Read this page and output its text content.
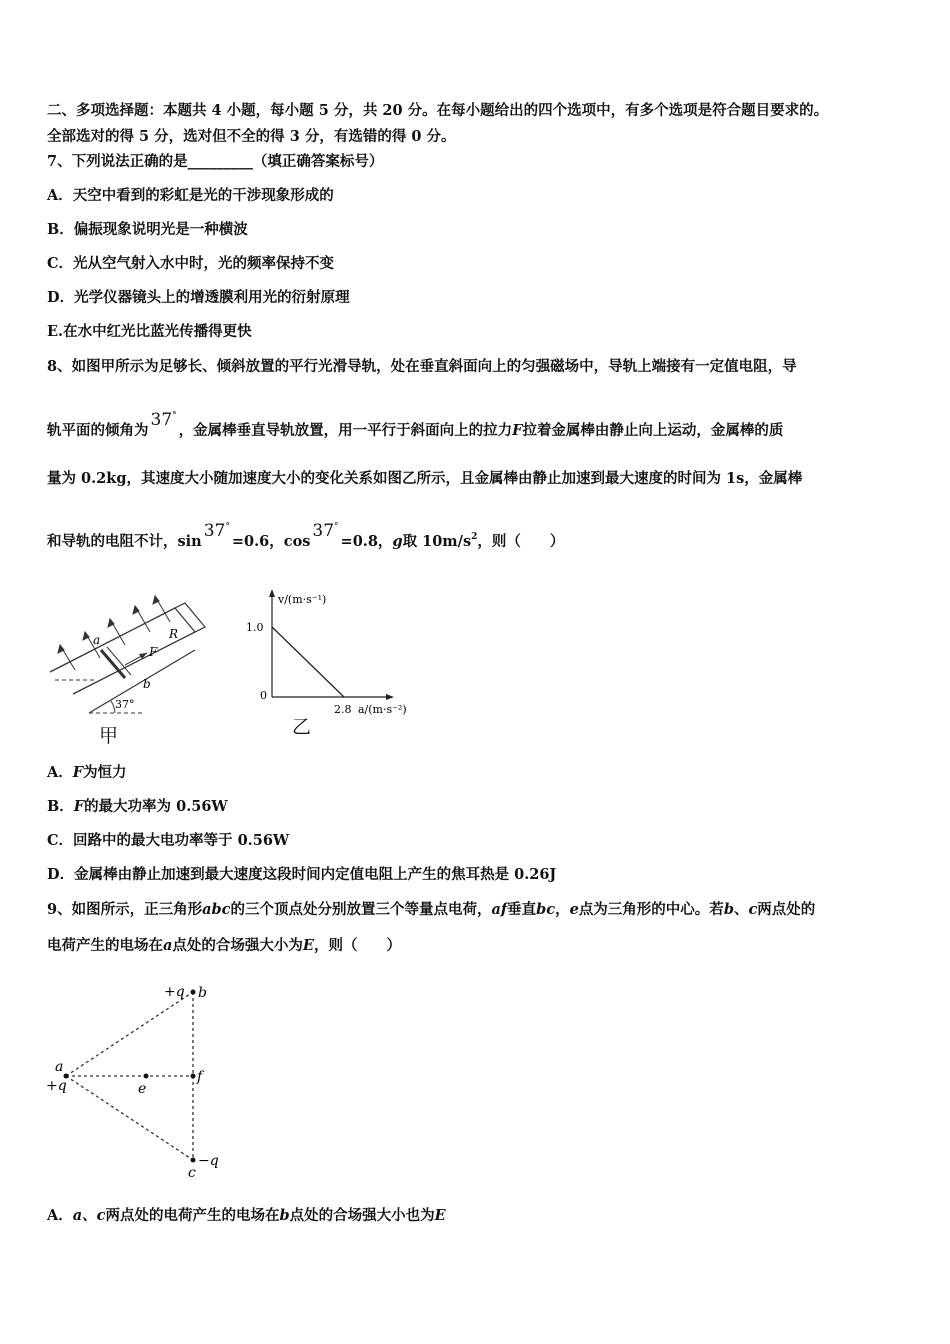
二、多项选择题：本题共 4 小题，每小题 5 分，共 20 分。在每小题给出的四个选项中，有多个选项是符合题目要求的。
全部选对的得 5 分，选对但不全的得 3 分，有选错的得 0 分。
7、下列说法正确的是_________（填正确答案标号）
A．天空中看到的彩虹是光的干涉现象形成的
B．偏振现象说明光是一种横波
C．光从空气射入水中时，光的频率保持不变
D．光学仪器镜头上的增透膜利用光的衍射原理
E.在水中红光比蓝光传播得更快
8、如图甲所示为足够长、倾斜放置的平行光滑导轨，处在垂直斜面向上的匀强磁场中，导轨上端接有一定值电阻，导
轨平面的倾角为37°，金属棒垂直导轨放置，用一平行于斜面向上的拉力F拉着金属棒由静止向上运动，金属棒的质
量为 0.2kg，其速度大小随加速度大小的变化关系如图乙所示，且金属棒由静止加速到最大速度的时间为 1s，金属棒
和导轨的电阻不计，sin37°=0.6，cos37°=0.8，g取 $10m/s^2$，则（　　）
a
b
F
R
37°
甲
v/(m·s⁻¹)
1.0
0
2.8 a/(m·s⁻²)
乙
A．F为恒力
B．F的最大功率为 0.56W
C．回路中的最大电功率等于 0.56W
D．金属棒由静止加速到最大速度这段时间内定值电阻上产生的焦耳热是 0.26J
9、如图所示，正三角形abc的三个顶点处分别放置三个等量点电荷，af垂直bc，e点为三角形的中心。若b、c两点处的
电荷产生的电场在a点处的合场强大小为E，则（　　）
+q b
a
+q	e
f
−q
c
A．a、c两点处的电荷产生的电场在b点处的合场强大小也为E
